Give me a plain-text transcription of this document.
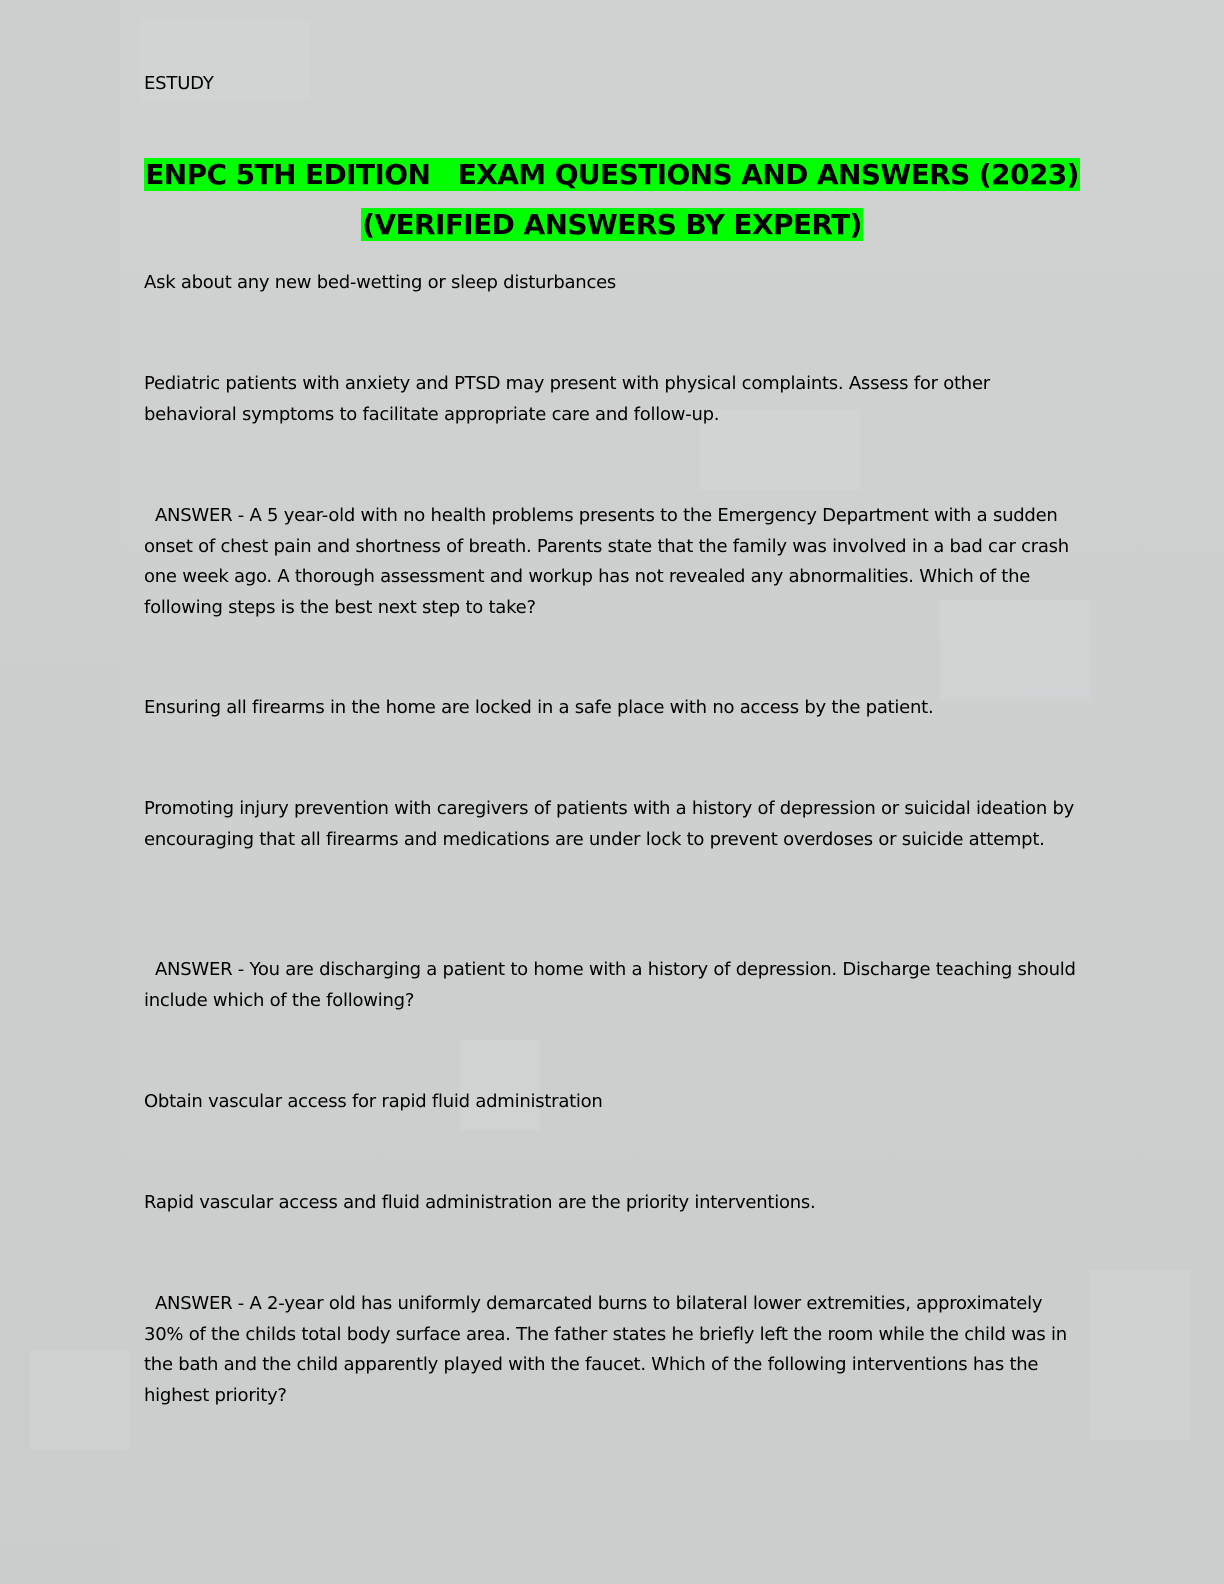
ESTUDY
ENPC 5TH EDITION   EXAM QUESTIONS AND ANSWERS (2023)
(VERIFIED ANSWERS BY EXPERT)

Ask about any new bed-wetting or sleep disturbances

Pediatric patients with anxiety and PTSD may present with physical complaints. Assess for other behavioral symptoms to facilitate appropriate care and follow-up.

ANSWER - A 5 year-old with no health problems presents to the Emergency Department with a sudden onset of chest pain and shortness of breath. Parents state that the family was involved in a bad car crash one week ago. A thorough assessment and workup has not revealed any abnormalities. Which of the following steps is the best next step to take?

Ensuring all firearms in the home are locked in a safe place with no access by the patient.

Promoting injury prevention with caregivers of patients with a history of depression or suicidal ideation by encouraging that all firearms and medications are under lock to prevent overdoses or suicide attempt.

ANSWER - You are discharging a patient to home with a history of depression. Discharge teaching should include which of the following?

Obtain vascular access for rapid fluid administration

Rapid vascular access and fluid administration are the priority interventions.

ANSWER - A 2-year old has uniformly demarcated burns to bilateral lower extremities, approximately 30% of the childs total body surface area. The father states he briefly left the room while the child was in the bath and the child apparently played with the faucet. Which of the following interventions has the highest priority?
